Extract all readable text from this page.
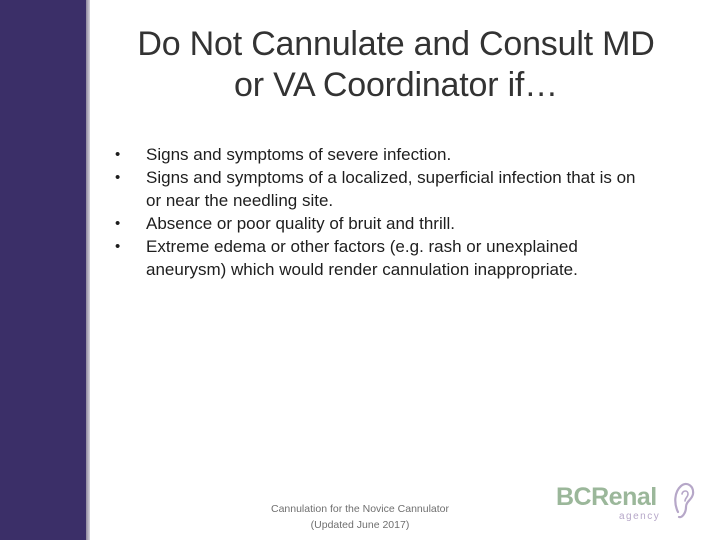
Do Not Cannulate and Consult MD
or VA Coordinator if…
•	Signs and symptoms of severe infection.
•	Signs and symptoms of a localized, superficial infection that is on
or near the needling site.
•	Absence or poor quality of bruit and thrill.
•	Extreme edema or other factors (e.g. rash or unexplained
aneurysm) which would render cannulation inappropriate.
Cannulation for the Novice Cannulator
(Updated June 2017)
BCRenal
agency
